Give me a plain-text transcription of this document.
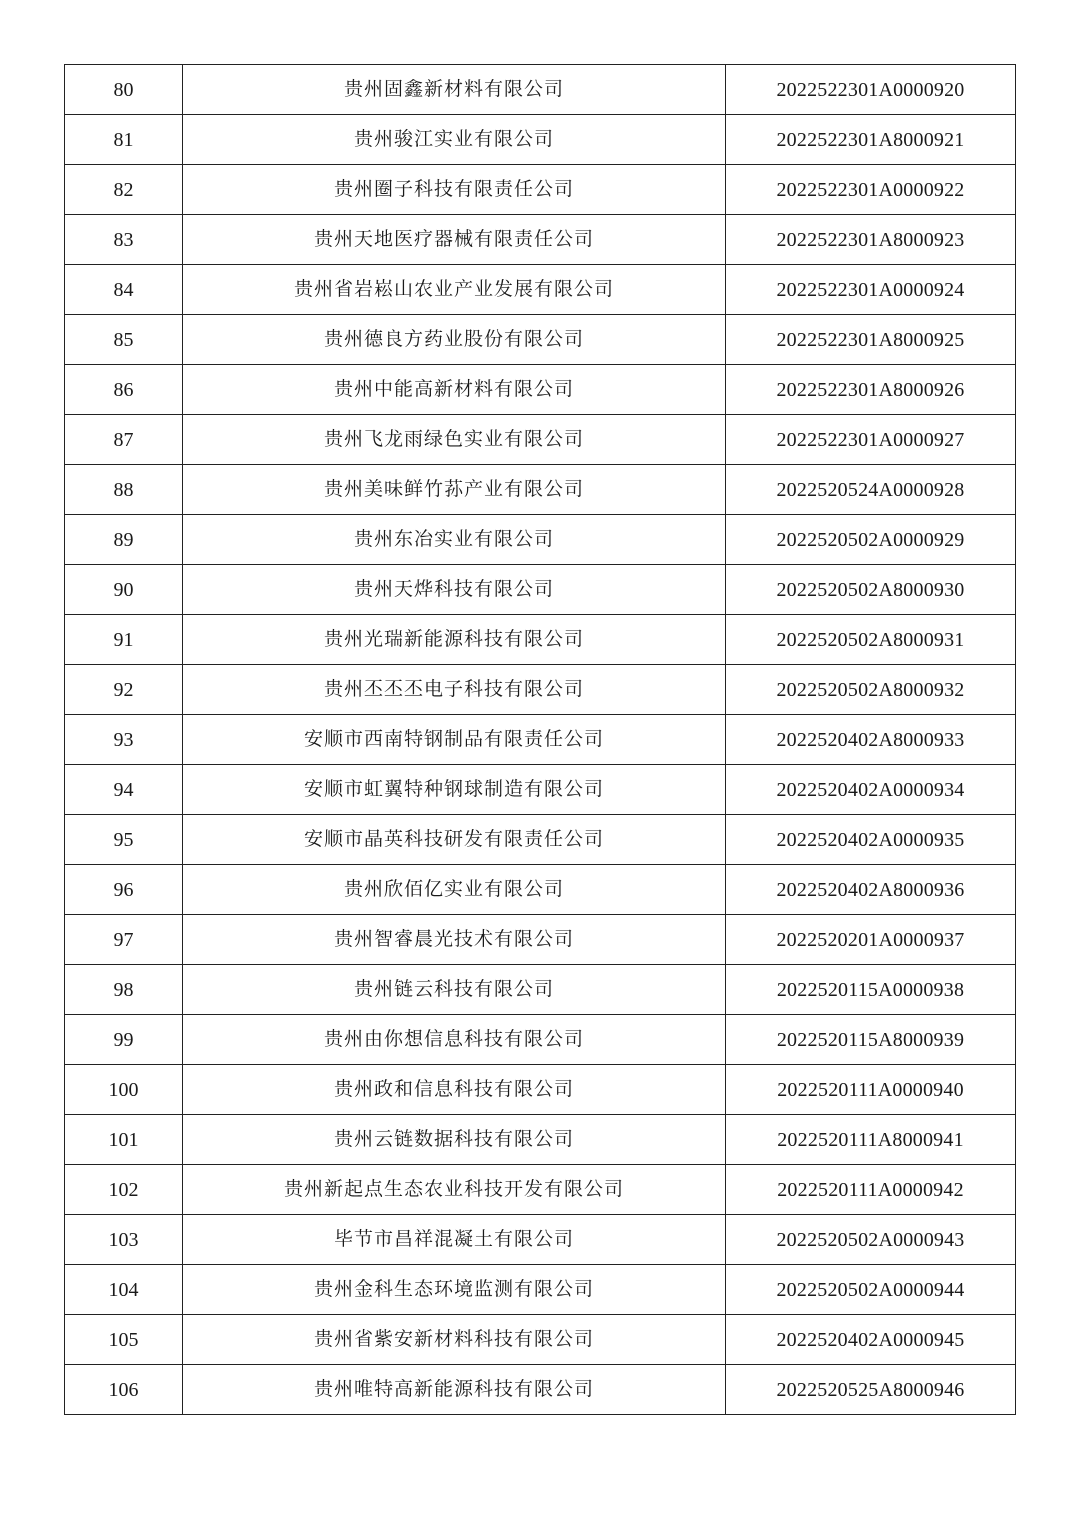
80	贵州固鑫新材料有限公司	2022522301A0000920
81	贵州骏江实业有限公司	2022522301A8000921
82	贵州圈子科技有限责任公司	2022522301A0000922
83	贵州天地医疗器械有限责任公司	2022522301A8000923
84	贵州省岩崧山农业产业发展有限公司	2022522301A0000924
85	贵州德良方药业股份有限公司	2022522301A8000925
86	贵州中能高新材料有限公司	2022522301A8000926
87	贵州飞龙雨绿色实业有限公司	2022522301A0000927
88	贵州美味鲜竹荪产业有限公司	2022520524A0000928
89	贵州东冶实业有限公司	2022520502A0000929
90	贵州天烨科技有限公司	2022520502A8000930
91	贵州光瑞新能源科技有限公司	2022520502A8000931
92	贵州丕丕丕电子科技有限公司	2022520502A8000932
93	安顺市西南特钢制品有限责任公司	2022520402A8000933
94	安顺市虹翼特种钢球制造有限公司	2022520402A0000934
95	安顺市晶英科技研发有限责任公司	2022520402A0000935
96	贵州欣佰亿实业有限公司	2022520402A8000936
97	贵州智睿晨光技术有限公司	2022520201A0000937
98	贵州链云科技有限公司	2022520115A0000938
99	贵州由你想信息科技有限公司	2022520115A8000939
100	贵州政和信息科技有限公司	2022520111A0000940
101	贵州云链数据科技有限公司	2022520111A8000941
102	贵州新起点生态农业科技开发有限公司	2022520111A0000942
103	毕节市昌祥混凝土有限公司	2022520502A0000943
104	贵州金科生态环境监测有限公司	2022520502A0000944
105	贵州省紫安新材料科技有限公司	2022520402A0000945
106	贵州唯特高新能源科技有限公司	2022520525A8000946
